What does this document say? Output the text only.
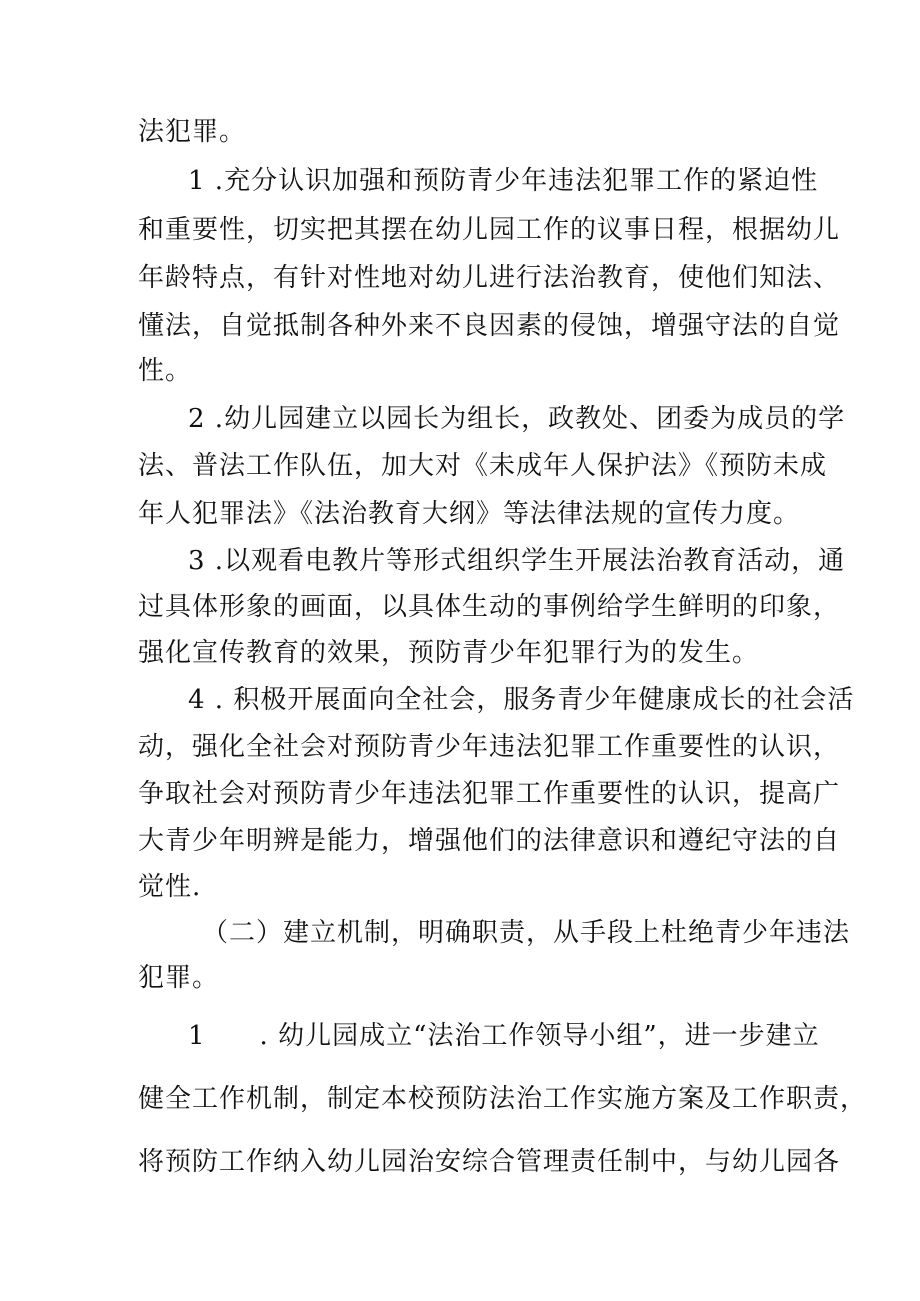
法犯罪。
1 .充分认识加强和预防青少年违法犯罪工作的紧迫性
和重要性，切实把其摆在幼儿园工作的议事日程，根据幼儿
年龄特点，有针对性地对幼儿进行法治教育，使他们知法、
懂法，自觉抵制各种外来不良因素的侵蚀，增强守法的自觉
性。
2 .幼儿园建立以园长为组长，政教处、团委为成员的学
法、普法工作队伍，加大对《未成年人保护法》《预防未成
年人犯罪法》《法治教育大纲》等法律法规的宣传力度。
3 .以观看电教片等形式组织学生开展法治教育活动，通
过具体形象的画面，以具体生动的事例给学生鲜明的印象，
强化宣传教育的效果，预防青少年犯罪行为的发生。
4 . 积极开展面向全社会，服务青少年健康成长的社会活
动，强化全社会对预防青少年违法犯罪工作重要性的认识，
争取社会对预防青少年违法犯罪工作重要性的认识，提高广
大青少年明辨是能力，增强他们的法律意识和遵纪守法的自
觉性.
（二）建立机制，明确职责，从手段上杜绝青少年违法
犯罪。
1　　. 幼儿园成立“法治工作领导小组”，进一步建立
健全工作机制，制定本校预防法治工作实施方案及工作职责，
将预防工作纳入幼儿园治安综合管理责任制中，与幼儿园各
